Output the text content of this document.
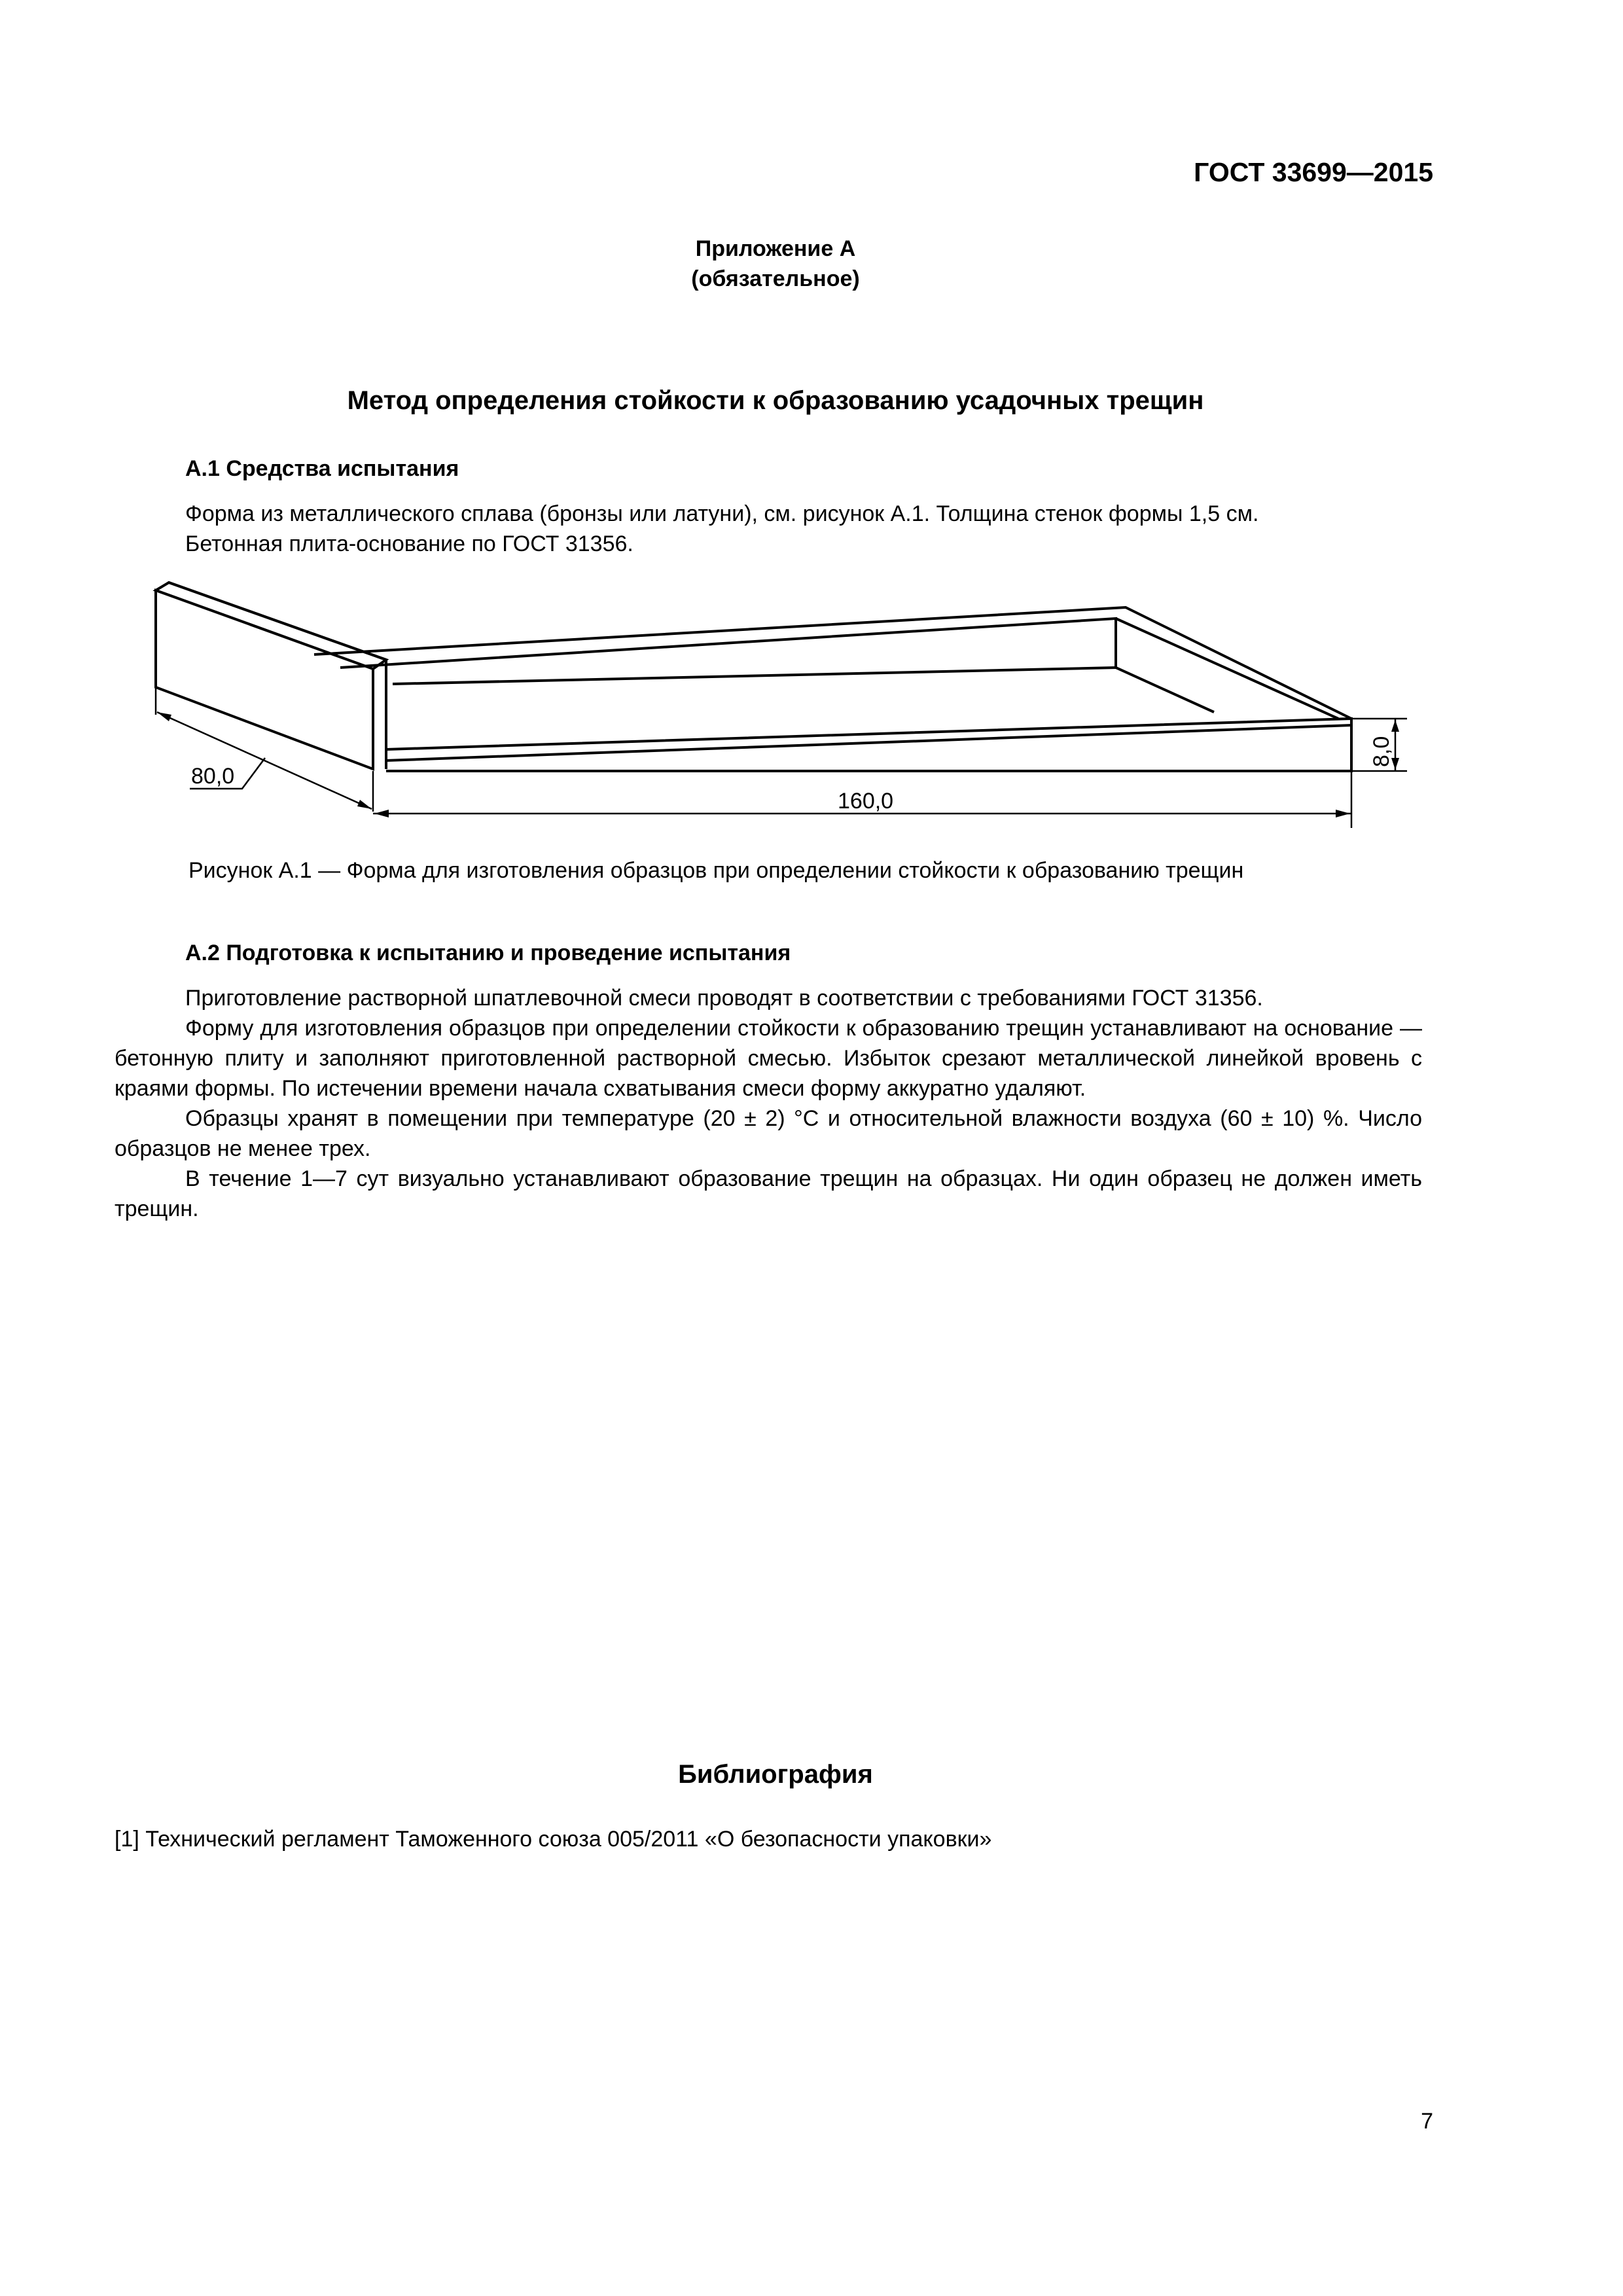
ГОСТ 33699—2015
Приложение А
(обязательное)
Метод определения стойкости к образованию усадочных трещин
А.1 Средства испытания

Форма из металлического сплава (бронзы или латуни), см. рисунок А.1. Толщина стенок формы 1,5 см.

Бетонная плита-основание по ГОСТ 31356.

80,0
160,0
8,0
Рисунок А.1 — Форма для изготовления образцов при определении стойкости к образованию трещин
А.2 Подготовка к испытанию и проведение испытания

Приготовление растворной шпатлевочной смеси проводят в соответствии с требованиями ГОСТ 31356.

Форму для изготовления образцов при определении стойкости к образованию трещин устанавливают на основание — бетонную плиту и заполняют приготовленной растворной смесью. Избыток срезают металлической линейкой вровень с краями формы. По истечении времени начала схватывания смеси форму аккуратно удаляют.

Образцы хранят в помещении при температуре (20 ± 2) °С и относительной влажности воздуха (60 ± 10) %. Число образцов не менее трех.

В течение 1—7 сут визуально устанавливают образование трещин на образцах. Ни один образец не должен иметь трещин.

Библиография
[1] Технический регламент Таможенного союза 005/2011 «О безопасности упаковки»
7
